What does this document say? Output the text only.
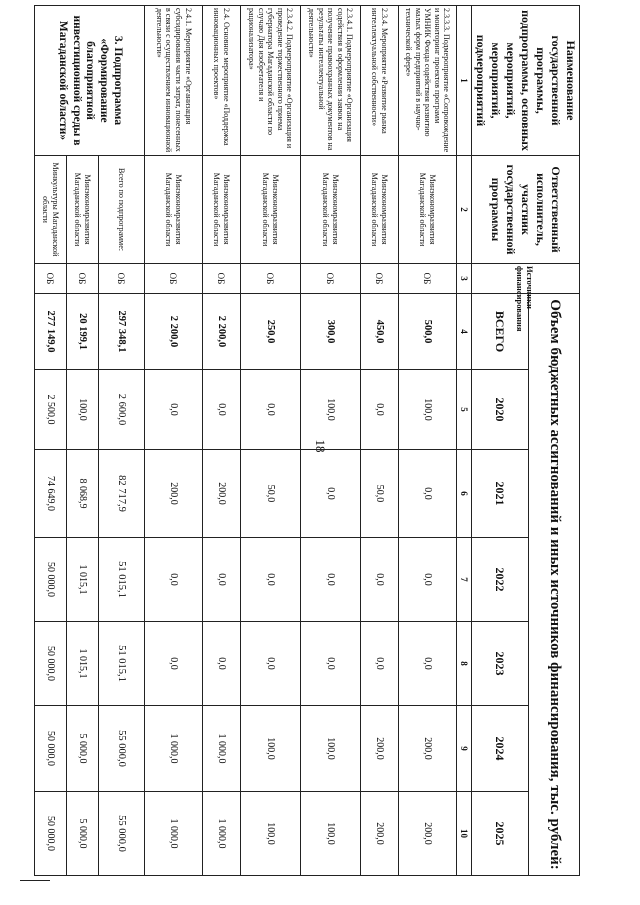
18
Наименование государственной программы, подпрограммы, основных мероприятий, мероприятий, подмероприятий	Ответственный исполнитель, участник государственной программы	Источники финансирования	Объем бюджетных ассигнований и иных источников финансирования, тыс. рублей:						
			ВСЕГО	2020	2021	2022	2023	2024	2025
1	2	3	4	5	6	7	8	9	10
2.3.3.3. Подмероприятие «Сопровождение и мониторинг проектов программ УМНИК Фонда содействия развитию малых форм предприятий в научно-технической сфере»	Минэкономразвития Магаданской области	ОБ	500,0	100,0	0,0	0,0	0,0	200,0	200,0
2.3.4. Мероприятие «Развитие рынка интеллектуальной собственности»	Минэкономразвития Магаданской области	ОБ	450,0	0,0	50,0	0,0	0,0	200,0	200,0
2.3.4.1. Подмероприятие «Организация содействия в оформлении заявок на получение правоохранных документов на результаты интеллектуальной деятельности»	Минэкономразвития Магаданской области	ОБ	300,0	100,0	0,0	0,0	0,0	100,0	100,0
2.3.4.2. Подмероприятие «Организация и проведение торжественного приема губернатора Магаданской области по случаю Дня изобретателя и рационализатора»	Минэкономразвития Магаданской области	ОБ	250,0	0,0	50,0	0,0	0,0	100,0	100,0
2.4. Основное мероприятие «Поддержка инновационных проектов»	Минэкономразвития Магаданской области	ОБ	2 200,0	0,0	200,0	0,0	0,0	1 000,0	1 000,0
2.4.1. Мероприятие «Организация субсидирования части затрат, понесенных в связи с осуществлением инновационной деятельности»	Минэкономразвития Магаданской области	ОБ	2 200,0	0,0	200,0	0,0	0,0	1 000,0	1 000,0
3. Подпрограмма «Формирование благоприятной инвестиционной среды в Магаданской области»	Всего по подпрограмме:	ОБ	297 348,1	2 600,0	82 717,9	51 015,1	51 015,1	55 000,0	55 000,0
	Минэкономразвития Магаданской области	ОБ	20 199,1	100,0	8 068,9	1 015,1	1 015,1	5 000,0	5 000,0
	Минкультуры Магаданской области	ОБ	277 149,0	2 500,0	74 649,0	50 000,0	50 000,0	50 000,0	50 000,0
